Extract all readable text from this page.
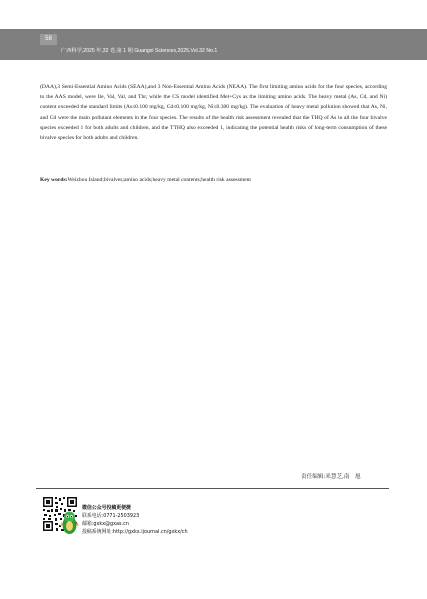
58
广西科学,2025 年,32 卷,第 1 期 Guangxi Sciences,2025,Vol.32 No.1

(DAA),3 Semi-Essential Amino Acids (SEAA),and 3 Non-Essential Amino Acids (NEAA). The first limiting amino acids for the four species, according to the AAS model, were Ile, Val, Val, and Thr, while the CS model identified Met+Cys as the limiting amino acids. The heavy metal (As, Cd, and Ni) content exceeded the standard limits (As≤0.100 mg/kg, Cd≤0.100 mg/kg, Ni≤0.300 mg/kg). The evaluation of heavy metal pollution showed that As, Ni, and Cd were the main pollutant elements in the four species. The results of the health risk assessment revealed that the THQ of As in all the four bivalve species exceeded 1 for both adults and children, and the TTHQ also exceeded 1, indicating the potential health risks of long-term consumption of these bivalve species for both adults and children.

Key words:Weizhou Island;bivalves;amino acids;heavy metal contents;health risk assessment

责任编辑:米慧芝,南　旭
微信公众号投稿更便捷
联系电话:0771-2503923
邮箱:gxkx@gxas.cn
投稿系统网址:http://gxkx.ijournal.cn/gxkx/ch
